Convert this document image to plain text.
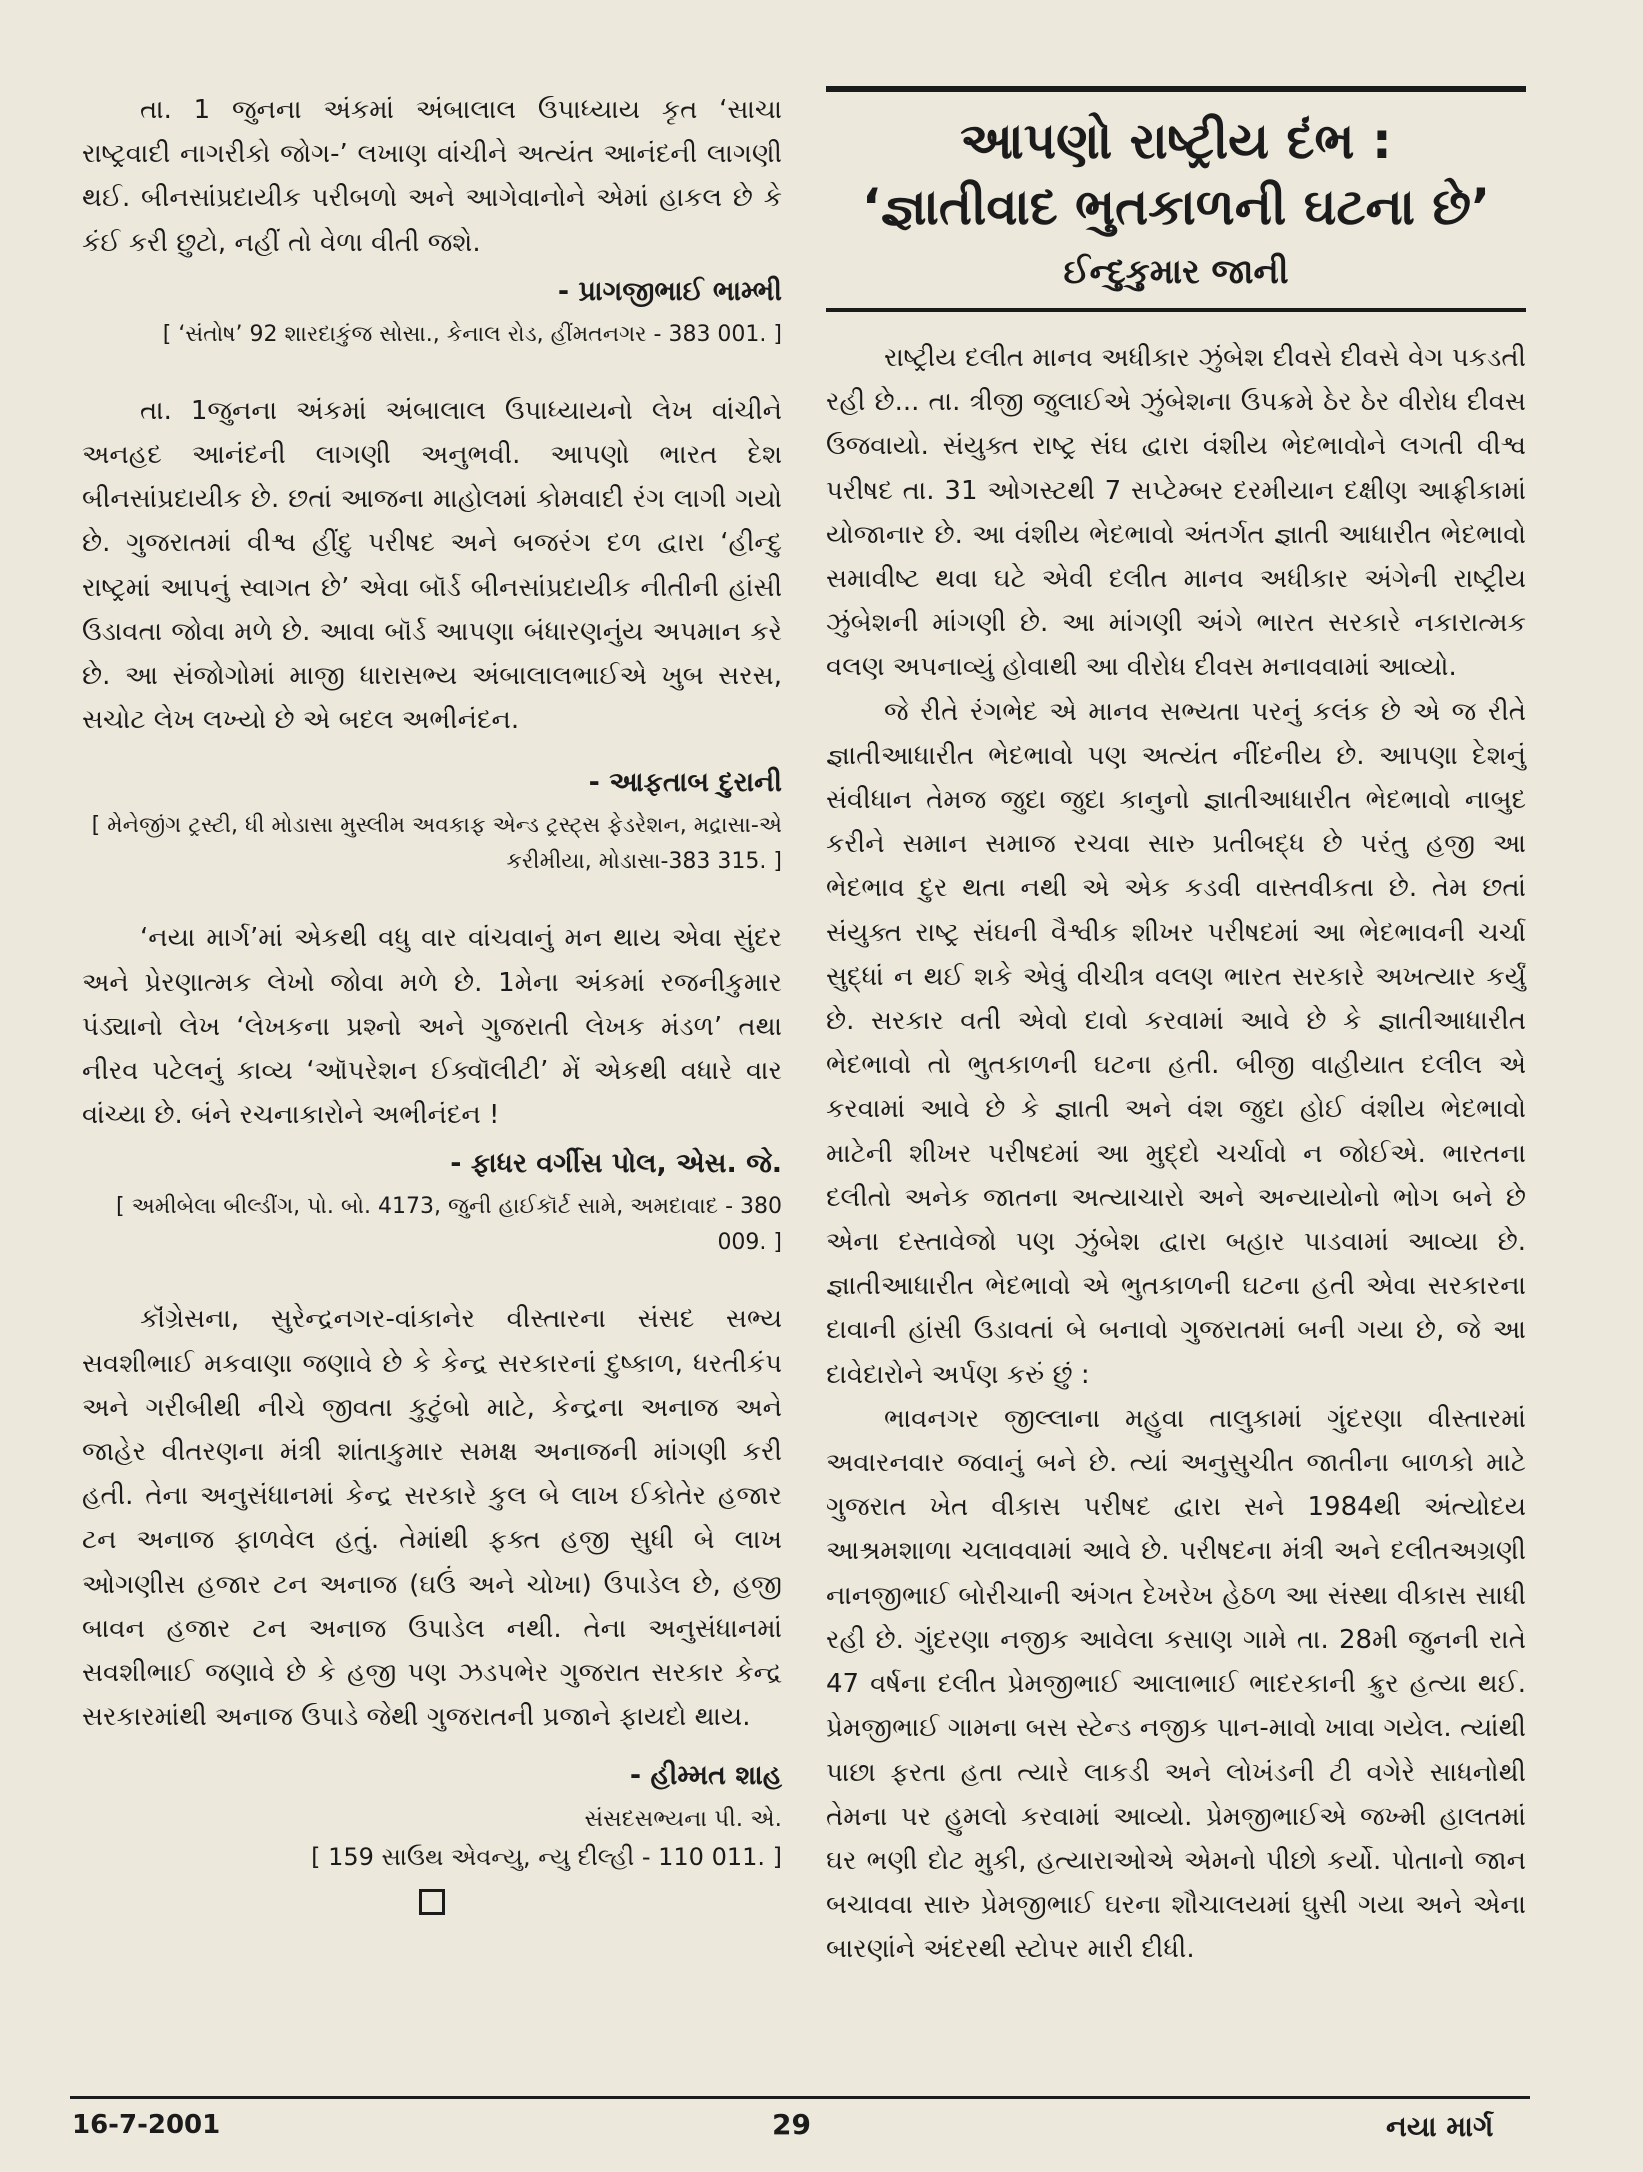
તા. 1 જુનના અંકમાં અંબાલાલ ઉપાધ્યાય કૃત ‘સાચા રાષ્ટ્રવાદી નાગરીકો જોગ-’ લખાણ વાંચીને અત્યંત આનંદની લાગણી થઈ. બીનસાંપ્રદાયીક પરીબળો અને આગેવાનોને એમાં હાકલ છે કે કંઈ કરી છુટો, નહીં તો વેળા વીતી જશે.

- પ્રાગજીભાઈ ભામ્ભી
[ ‘સંતોષ’ 92 શારદાકુંજ સોસા., કેનાલ રોડ, હીંમતનગર - 383 001. ]

તા. 1જુનના અંકમાં અંબાલાલ ઉપાધ્યાયનો લેખ વાંચીને અનહદ આનંદની લાગણી અનુભવી. આપણો ભારત દેશ બીનસાંપ્રદાયીક છે. છતાં આજના માહોલમાં કોમવાદી રંગ લાગી ગયો છે. ગુજરાતમાં વીશ્વ હીંદુ પરીષદ અને બજરંગ દળ દ્વારા ‘હીન્દુ રાષ્ટ્રમાં આપનું સ્વાગત છે’ એવા બૉર્ડ બીનસાંપ્રદાયીક નીતીની હાંસી ઉડાવતા જોવા મળે છે. આવા બૉર્ડ આપણા બંધારણનુંય અપમાન કરે છે. આ સંજોગોમાં માજી ધારાસભ્ય અંબાલાલભાઈએ ખુબ સરસ, સચોટ લેખ લખ્યો છે એ બદલ અભીનંદન.

- આફતાબ દુરાની
[ મેનેજીંગ ટ્રસ્ટી, ધી મોડાસા મુસ્લીમ અવકાફ એન્ડ ટ્રસ્ટ્સ ફેડરેશન, મદ્રાસા-એ કરીમીયા, મોડાસા-383 315. ]

‘નયા માર્ગ’માં એકથી વધુ વાર વાંચવાનું મન થાય એવા સુંદર અને પ્રેરણાત્મક લેખો જોવા મળે છે. 1મેના અંકમાં રજનીકુમાર પંડ્યાનો લેખ ‘લેખકના પ્રશ્નો અને ગુજરાતી લેખક મંડળ’ તથા નીરવ પટેલનું કાવ્ય ‘ઑપરેશન ઈક્વૉલીટી’ મેં એકથી વધારે વાર વાંચ્યા છે. બંને રચનાકારોને અભીનંદન !

- ફાધર વર્ગીસ પોલ, એસ. જે.
[ અમીબેલા બીલ્ડીંગ, પો. બો. 4173, જુની હાઈકૉર્ટ સામે, અમદાવાદ - 380 009. ]

કૉંગ્રેસના, સુરેન્દ્રનગર-વાંકાનેર વીસ્તારના સંસદ સભ્ય સવશીભાઈ મકવાણા જણાવે છે કે કેન્દ્ર સરકારનાં દુષ્કાળ, ધરતીકંપ અને ગરીબીથી નીચે જીવતા કુટુંબો માટે, કેન્દ્રના અનાજ અને જાહેર વીતરણના મંત્રી શાંતાકુમાર સમક્ષ અનાજની માંગણી કરી હતી. તેના અનુસંધાનમાં કેન્દ્ર સરકારે કુલ બે લાખ ઈકોતેર હજાર ટન અનાજ ફાળવેલ હતું. તેમાંથી ફક્ત હજી સુધી બે લાખ ઓગણીસ હજાર ટન અનાજ (ઘઉં અને ચોખા) ઉપાડેલ છે, હજી બાવન હજાર ટન અનાજ ઉપાડેલ નથી. તેના અનુસંધાનમાં સવશીભાઈ જણાવે છે કે હજી પણ ઝડપભેર ગુજરાત સરકાર કેન્દ્ર સરકારમાંથી અનાજ ઉપાડે જેથી ગુજરાતની પ્રજાને ફાયદો થાય.

- હીમ્મત શાહ
સંસદસભ્યના પી. એ.
[ 159 સાઉથ એવન્યુ, ન્યુ દીલ્હી - 110 011. ]
આપણો રાષ્ટ્રીય દંભ :
‘જ્ઞાતીવાદ ભુતકાળની ઘટના છે’
ઈન્દુકુમાર જાની

રાષ્ટ્રીય દલીત માનવ અધીકાર ઝુંબેશ દીવસે દીવસે વેગ પકડતી રહી છે... તા. ત્રીજી જુલાઈએ ઝુંબેશના ઉપક્રમે ઠેર ઠેર વીરોધ દીવસ ઉજવાયો. સંયુક્ત રાષ્ટ્ર સંઘ દ્વારા વંશીય ભેદભાવોને લગતી વીશ્વ પરીષદ તા. 31 ઓગસ્ટથી 7 સપ્ટેમ્બર દરમીયાન દક્ષીણ આફ્રીકામાં યોજાનાર છે. આ વંશીય ભેદભાવો અંતર્ગત જ્ઞાતી આધારીત ભેદભાવો સમાવીષ્ટ થવા ઘટે એવી દલીત માનવ અધીકાર અંગેની રાષ્ટ્રીય ઝુંબેશની માંગણી છે. આ માંગણી અંગે ભારત સરકારે નકારાત્મક વલણ અપનાવ્યું હોવાથી આ વીરોધ દીવસ મનાવવામાં આવ્યો.

જે રીતે રંગભેદ એ માનવ સભ્યતા પરનું કલંક છે એ જ રીતે જ્ઞાતીઆધારીત ભેદભાવો પણ અત્યંત નીંદનીય છે. આપણા દેશનું સંવીધાન તેમજ જુદા જુદા કાનુનો જ્ઞાતીઆધારીત ભેદભાવો નાબુદ કરીને સમાન સમાજ રચવા સારુ પ્રતીબદ્ધ છે પરંતુ હજી આ ભેદભાવ દુર થતા નથી એ એક કડવી વાસ્તવીકતા છે. તેમ છતાં સંયુક્ત રાષ્ટ્ર સંઘની વૈશ્વીક શીખર પરીષદમાં આ ભેદભાવની ચર્ચા સુદ્ધાં ન થઈ શકે એવું વીચીત્ર વલણ ભારત સરકારે અખત્યાર કર્યું છે. સરકાર વતી એવો દાવો કરવામાં આવે છે કે જ્ઞાતીઆધારીત ભેદભાવો તો ભુતકાળની ઘટના હતી. બીજી વાહીયાત દલીલ એ કરવામાં આવે છે કે જ્ઞાતી અને વંશ જુદા હોઈ વંશીય ભેદભાવો માટેની શીખર પરીષદમાં આ મુદ્દો ચર્ચાવો ન જોઈએ. ભારતના દલીતો અનેક જાતના અત્યાચારો અને અન્યાયોનો ભોગ બને છે એના દસ્તાવેજો પણ ઝુંબેશ દ્વારા બહાર પાડવામાં આવ્યા છે. જ્ઞાતીઆધારીત ભેદભાવો એ ભુતકાળની ઘટના હતી એવા સરકારના દાવાની હાંસી ઉડાવતાં બે બનાવો ગુજરાતમાં બની ગયા છે, જે આ દાવેદારોને અર્પણ કરું છું :

ભાવનગર જીલ્લાના મહુવા તાલુકામાં ગુંદરણા વીસ્તારમાં અવારનવાર જવાનું બને છે. ત્યાં અનુસુચીત જાતીના બાળકો માટે ગુજરાત ખેત વીકાસ પરીષદ દ્વારા સને 1984થી અંત્યોદય આશ્રમશાળા ચલાવવામાં આવે છે. પરીષદના મંત્રી અને દલીતઅગ્રણી નાનજીભાઈ બોરીચાની અંગત દેખરેખ હેઠળ આ સંસ્થા વીકાસ સાધી રહી છે. ગુંદરણા નજીક આવેલા કસાણ ગામે તા. 28મી જુનની રાતે 47 વર્ષના દલીત પ્રેમજીભાઈ આલાભાઈ ભાદરકાની ક્રુર હત્યા થઈ. પ્રેમજીભાઈ ગામના બસ સ્ટેન્ડ નજીક પાન-માવો ખાવા ગયેલ. ત્યાંથી પાછા ફરતા હતા ત્યારે લાકડી અને લોખંડની ટી વગેરે સાધનોથી તેમના પર હુમલો કરવામાં આવ્યો. પ્રેમજીભાઈએ જખ્મી હાલતમાં ઘર ભણી દોટ મુકી, હત્યારાઓએ એમનો પીછો કર્યો. પોતાનો જાન બચાવવા સારુ પ્રેમજીભાઈ ઘરના શૌચાલયમાં ઘુસી ગયા અને એના બારણાંને અંદરથી સ્ટોપર મારી દીધી.

16-7-2001	29	નયા માર્ગ
